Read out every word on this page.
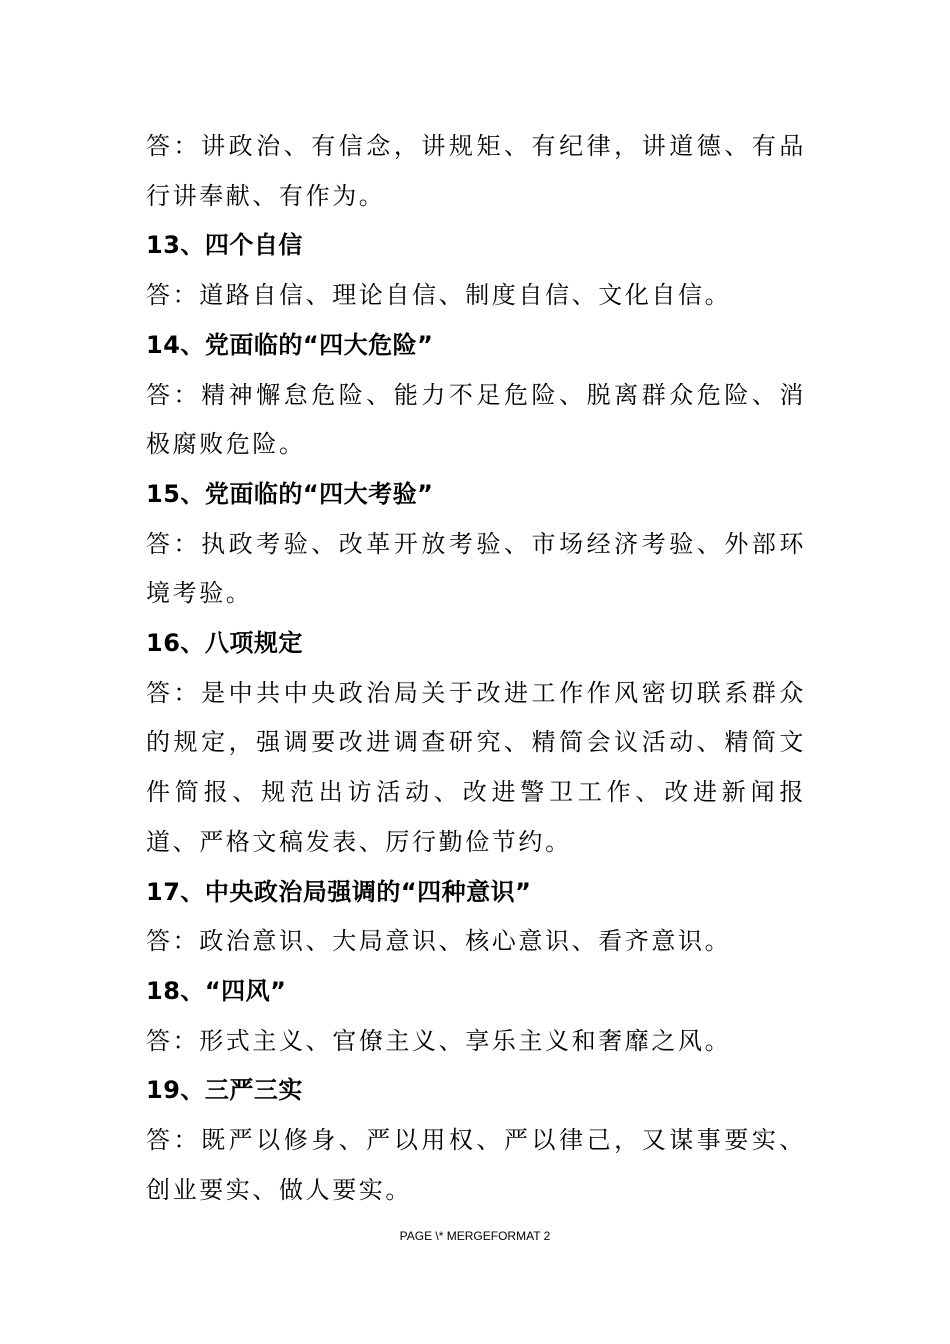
答：讲政治、有信念，讲规矩、有纪律，讲道德、有品行讲奉献、有作为。

13、四个自信

答：道路自信、理论自信、制度自信、文化自信。

14、党面临的“四大危险”

答：精神懈怠危险、能力不足危险、脱离群众危险、消极腐败危险。

15、党面临的“四大考验”

答：执政考验、改革开放考验、市场经济考验、外部环境考验。

16、八项规定

答：是中共中央政治局关于改进工作作风密切联系群众的规定，强调要改进调查研究、精简会议活动、精简文件简报、规范出访活动、改进警卫工作、改进新闻报道、严格文稿发表、厉行勤俭节约。

17、中央政治局强调的“四种意识”

答：政治意识、大局意识、核心意识、看齐意识。

18、“四风”

答：形式主义、官僚主义、享乐主义和奢靡之风。

19、三严三实

答：既严以修身、严以用权、严以律己，又谋事要实、创业要实、做人要实。

PAGE \* MERGEFORMAT 2
